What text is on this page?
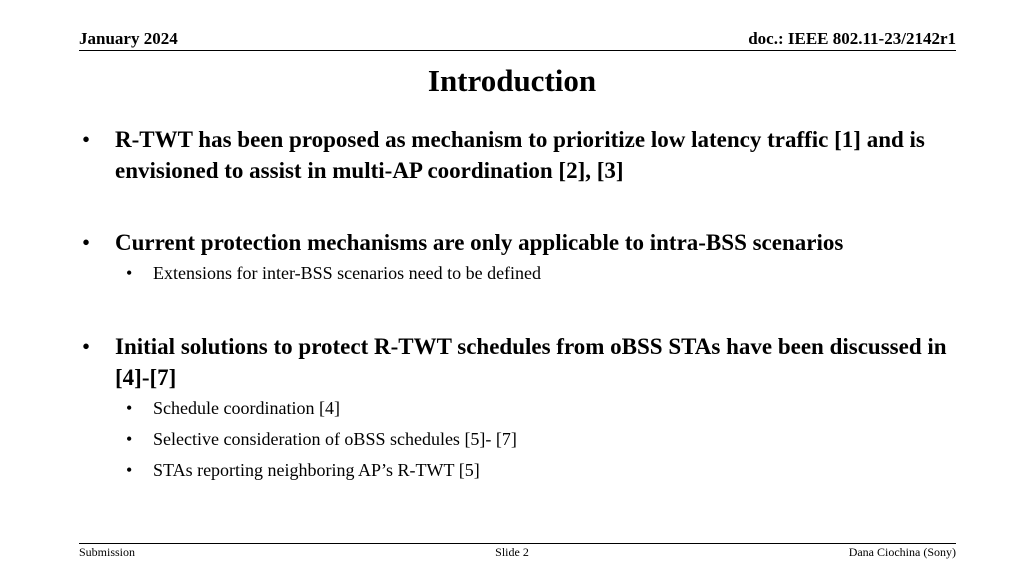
January 2024	doc.: IEEE 802.11-23/2142r1
Introduction
• R-TWT has been proposed as mechanism to prioritize low latency traffic [1] and is envisioned to assist in multi-AP coordination [2], [3]
• Current protection mechanisms are only applicable to intra-BSS scenarios
• Extensions for inter-BSS scenarios need to be defined
• Initial solutions to protect R-TWT schedules from oBSS STAs have been discussed in [4]-[7]
• Schedule coordination [4]
• Selective consideration of oBSS schedules [5]- [7]
• STAs reporting neighboring AP’s R-TWT [5]
Submission	Slide 2	Dana Ciochina (Sony)
